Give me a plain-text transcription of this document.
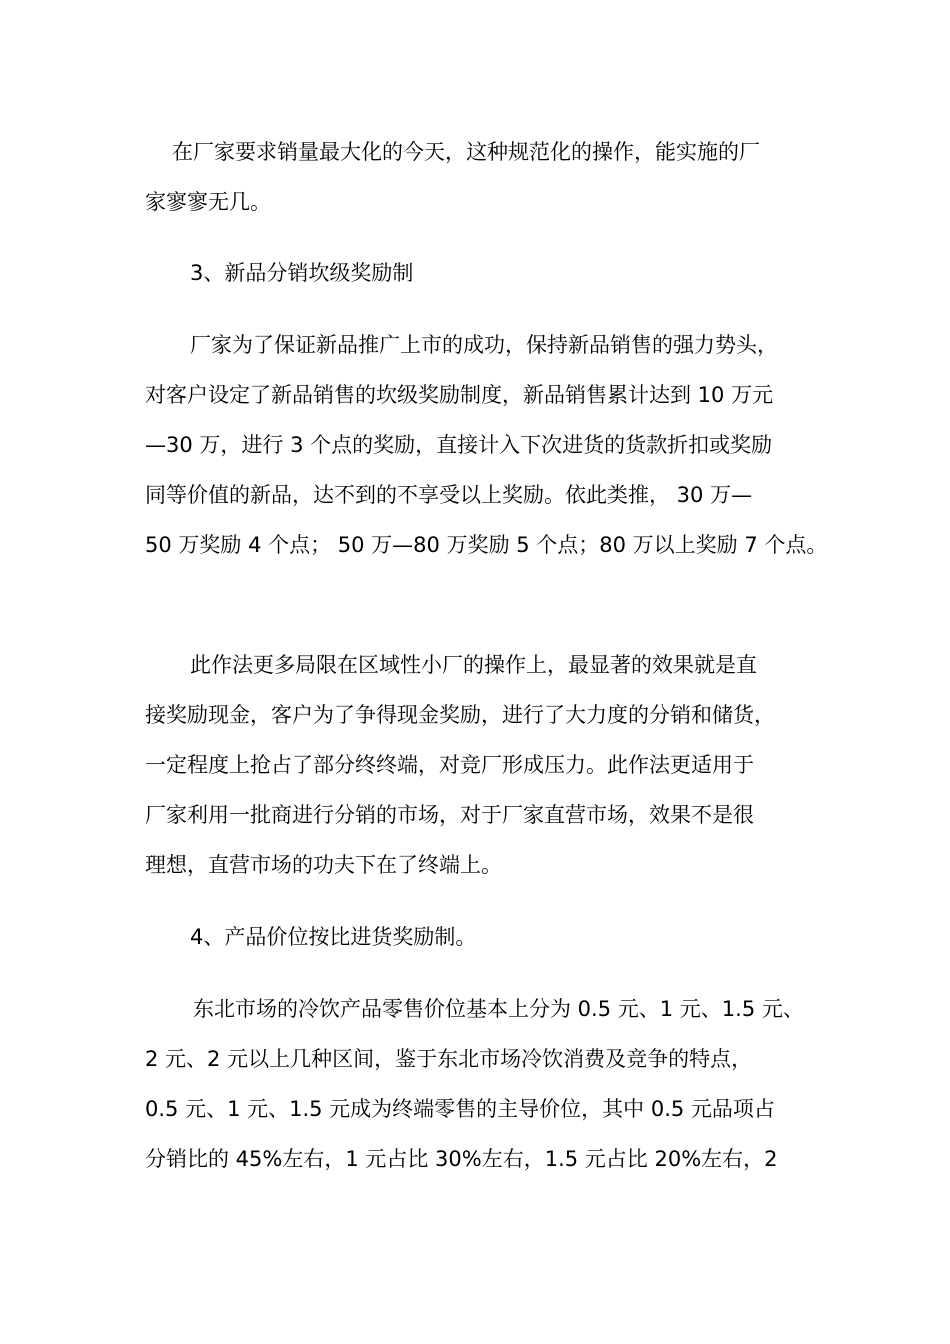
在厂家要求销量最大化的今天，这种规范化的操作，能实施的厂
家寥寥无几。
3、新品分销坎级奖励制
厂家为了保证新品推广上市的成功，保持新品销售的强力势头，
对客户设定了新品销售的坎级奖励制度，新品销售累计达到 10 万元
—30 万，进行 3 个点的奖励，直接计入下次进货的货款折扣或奖励
同等价值的新品，达不到的不享受以上奖励。依此类推， 30 万—
50 万奖励 4 个点； 50 万—80 万奖励 5 个点；80 万以上奖励 7 个点。
此作法更多局限在区域性小厂的操作上，最显著的效果就是直
接奖励现金，客户为了争得现金奖励，进行了大力度的分销和储货，
一定程度上抢占了部分终终端，对竞厂形成压力。此作法更适用于
厂家利用一批商进行分销的市场，对于厂家直营市场，效果不是很
理想，直营市场的功夫下在了终端上。
4、产品价位按比进货奖励制。
东北市场的冷饮产品零售价位基本上分为 0.5 元、1 元、1.5 元、
2 元、2 元以上几种区间，鉴于东北市场冷饮消费及竞争的特点，
0.5 元、1 元、1.5 元成为终端零售的主导价位，其中 0.5 元品项占
分销比的 45%左右，1 元占比 30%左右，1.5 元占比 20%左右，2
